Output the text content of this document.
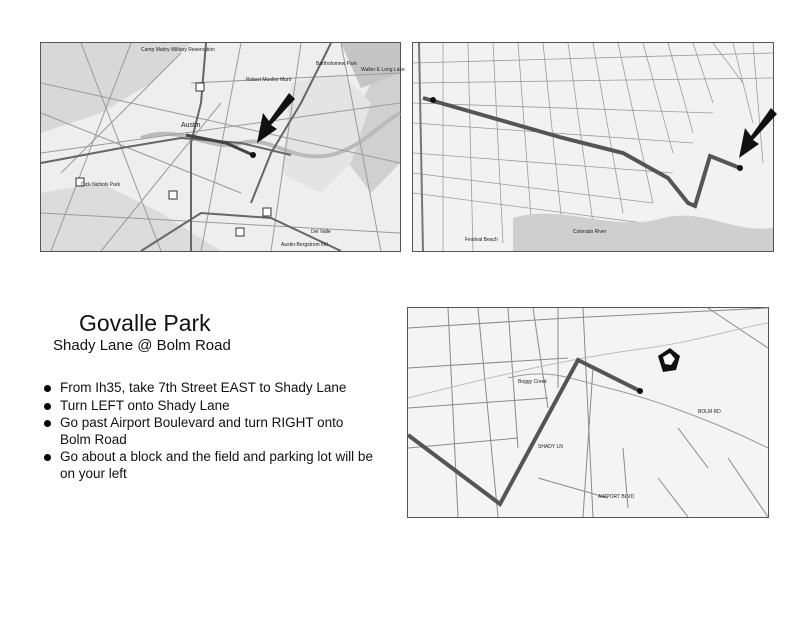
Camp Mabry Military Reservation
Robert Mueller Muni
Bartholomew Park
Walter E Long Lake
Austin
Dick Nichols Park
Del Valle
Austin-Bergstrom Intl
Colorado River
Festival Beach
Govalle Park

Shady Lane @ Bolm Road

From Ih35, take 7th Street EAST to Shady Lane
Turn LEFT onto Shady Lane
Go past Airport Boulevard and turn RIGHT onto Bolm Road
Go about a block and the field and parking lot will be on your left
BOLM RD
SHADY LN
AIRPORT BLVD
Boggy Creek
